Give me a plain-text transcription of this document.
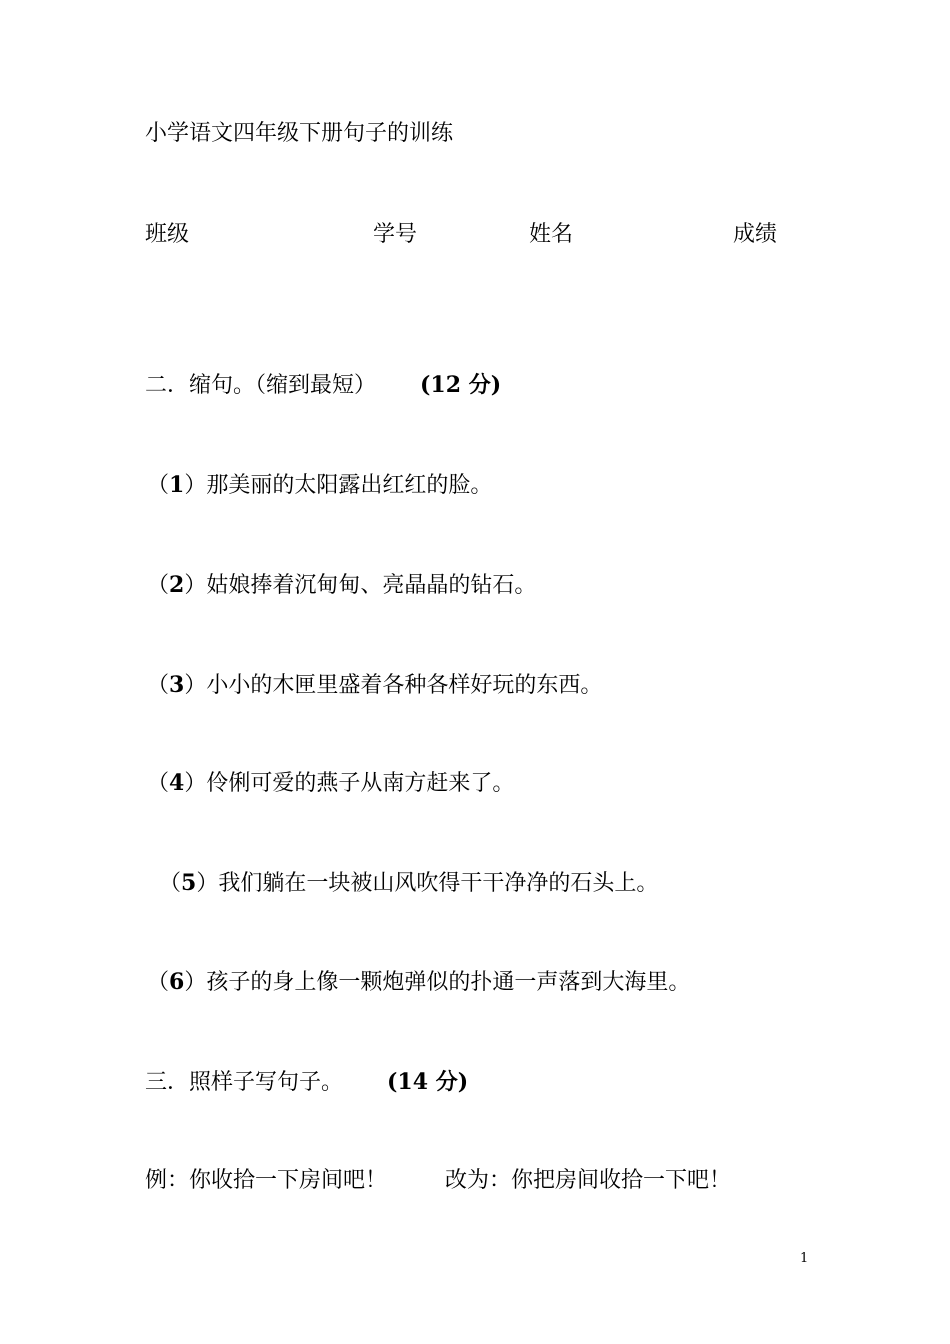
小学语文四年级下册句子的训练
班级	学号	姓名	成绩
二．缩句。（缩到最短） (12 分)
（1）那美丽的太阳露出红红的脸。
（2）姑娘捧着沉甸甸、亮晶晶的钻石。
（3）小小的木匣里盛着各种各样好玩的东西。
（4）伶俐可爱的燕子从南方赶来了。
（5）我们躺在一块被山风吹得干干净净的石头上。
（6）孩子的身上像一颗炮弹似的扑通一声落到大海里。
三．照样子写句子。 (14 分)
例：你收拾一下房间吧！	改为：你把房间收拾一下吧！
1
